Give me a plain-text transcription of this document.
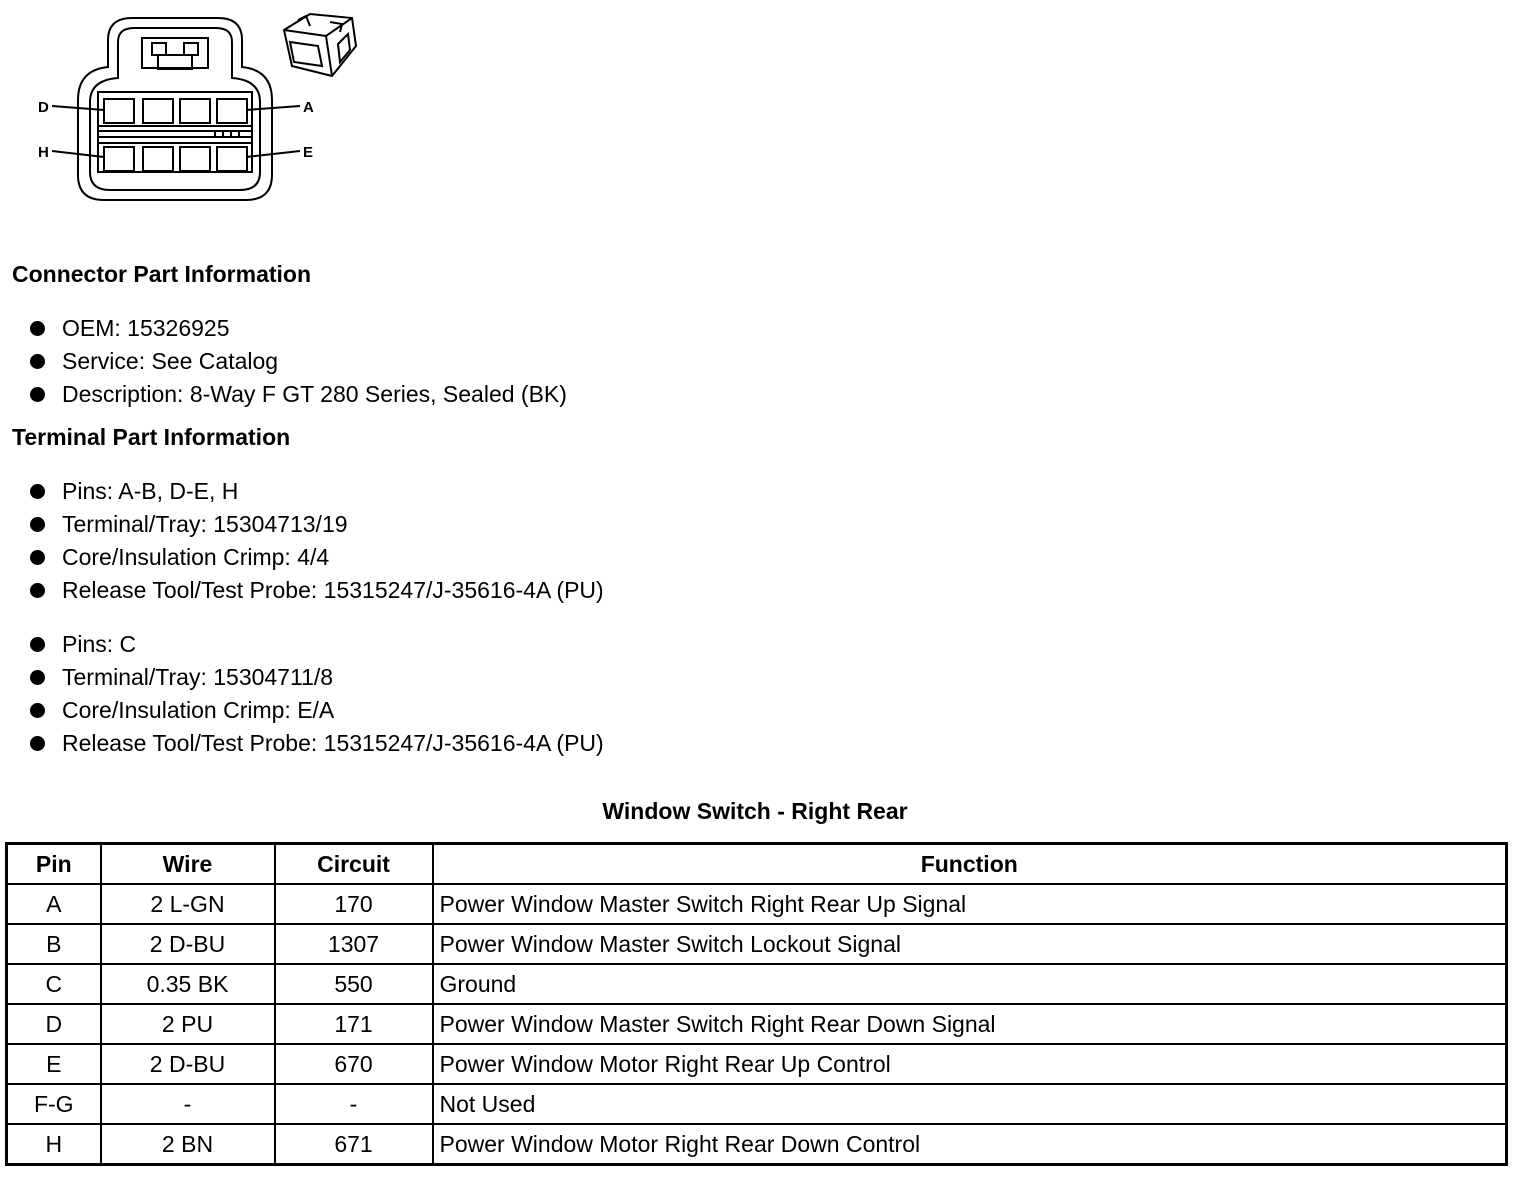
D	A
H	E
Connector Part Information
OEM: 15326925
Service: See Catalog
Description: 8-Way F GT 280 Series, Sealed (BK)
Terminal Part Information
Pins: A-B, D-E, H
Terminal/Tray: 15304713/19
Core/Insulation Crimp: 4/4
Release Tool/Test Probe: 15315247/J-35616-4A (PU)
Pins: C
Terminal/Tray: 15304711/8
Core/Insulation Crimp: E/A
Release Tool/Test Probe: 15315247/J-35616-4A (PU)
Window Switch - Right Rear
Pin	Wire	Circuit	Function
A	2 L-GN	170	Power Window Master Switch Right Rear Up Signal
B	2 D-BU	1307	Power Window Master Switch Lockout Signal
C	0.35 BK	550	Ground
D	2 PU	171	Power Window Master Switch Right Rear Down Signal
E	2 D-BU	670	Power Window Motor Right Rear Up Control
F-G	-	-	Not Used
H	2 BN	671	Power Window Motor Right Rear Down Control
